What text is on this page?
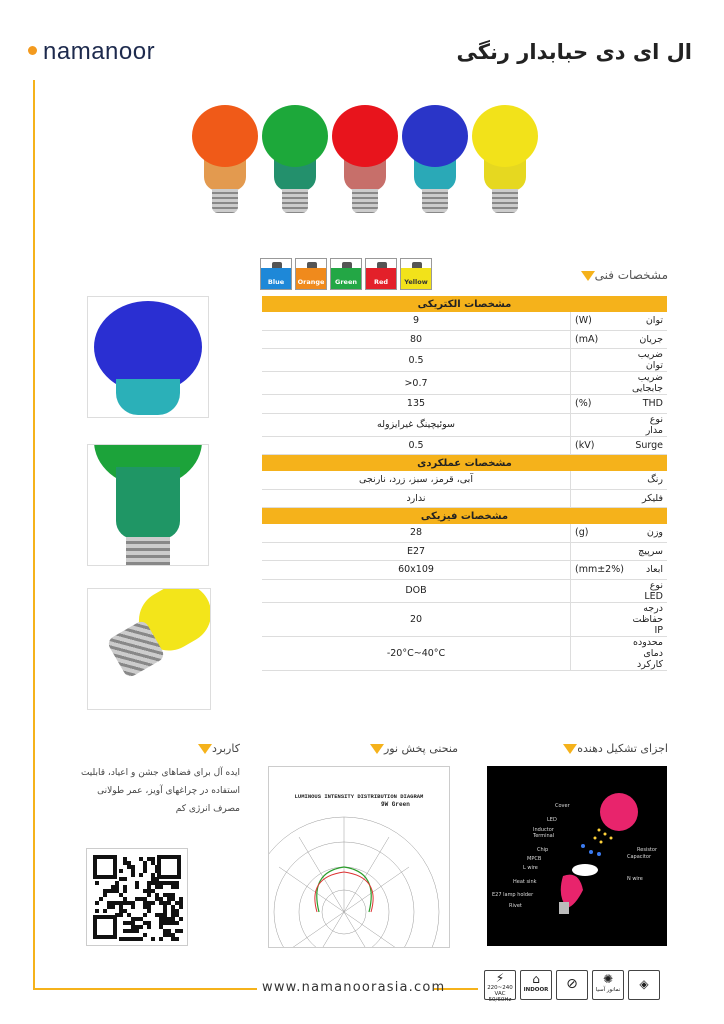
namanoor	ال ای دی حبابدار رنگی
مشخصات فنی
Blue	Orange	Green	Red	Yellow
مشخصات الکتریکی		
9	(W)	توان
80	(mA)	جریان
0.5		ضریب توان
>0.7		ضریب جابجایی
135	(%)	THD
سوئیچینگ غیرایزوله		نوع مدار
0.5	(kV)	Surge
مشخصات عملکردی		
آبی، قرمز، سبز، زرد، نارنجی		رنگ
ندارد		فلیکر
مشخصات فیزیکی		
28	(g)	وزن
E27		سرپیچ
60x109	(mm±2%)	ابعاد
DOB		نوع LED
20		درجه حفاظت IP
-20°C~40°C		محدوده دمای کارکرد
اجزای تشکیل دهنده
منحنی پخش نور
کاربرد
ایده آل برای فضاهای جشن و اعیاد، قابلیت استفاده در چراغهای آویز، عمر طولانی مصرف انرژی کم
LUMINOUS INTENSITY DISTRIBUTION DIAGRAM
9W Green	Cover
LED
Inductor Terminal
Chip
MPCB
L wire
Heat sink
E27 lamp holder
Rivet
Resistor
Capacitor
N wire
www.namanoorasia.com
⚡
220~240 VAC 50/60Hz
⌂
INDOOR	⊘	✺
نمانور آسیا	◈
